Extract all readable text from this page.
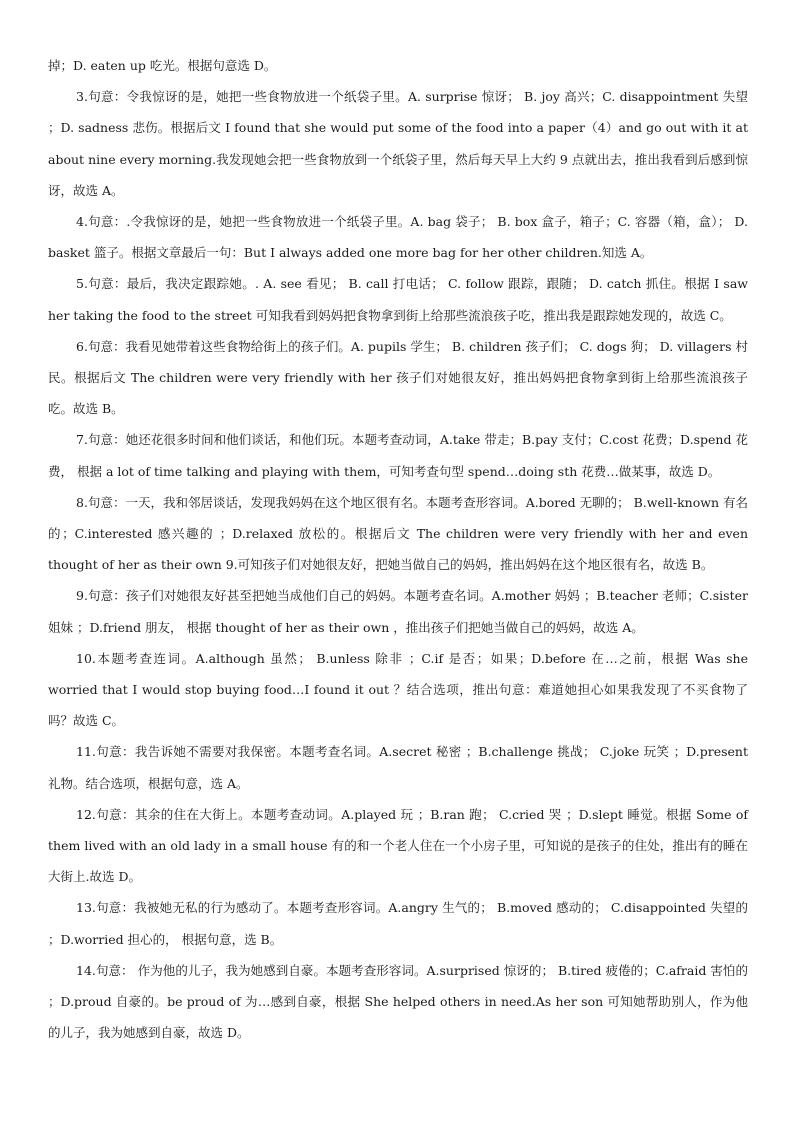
掉；D. eaten up 吃光。根据句意选 D。

3.句意：令我惊讶的是，她把一些食物放进一个纸袋子里。A. surprise 惊讶； B. joy 高兴；C. disappointment 失望 ；D. sadness 悲伤。根据后文 I found that she would put some of the food into a paper（4）and go out with it at about nine every morning.我发现她会把一些食物放到一个纸袋子里，然后每天早上大约 9 点就出去，推出我看到后感到惊讶，故选 A。

4.句意：.令我惊讶的是，她把一些食物放进一个纸袋子里。A. bag 袋子； B. box 盒子，箱子；C. 容器（箱，盒）； D. basket 篮子。根据文章最后一句：But I always added one more bag for her other children.知选 A。

5.句意：最后，我决定跟踪她。. A. see 看见； B. call 打电话； C. follow 跟踪，跟随； D. catch 抓住。根据 I saw her taking the food to the street 可知我看到妈妈把食物拿到街上给那些流浪孩子吃，推出我是跟踪她发现的，故选 C。

6.句意：我看见她带着这些食物给街上的孩子们。A. pupils 学生； B. children 孩子们； C. dogs 狗； D. villagers 村民。根据后文 The children were very friendly with her 孩子们对她很友好，推出妈妈把食物拿到街上给那些流浪孩子吃。故选 B。

7.句意：她还花很多时间和他们谈话，和他们玩。本题考查动词，A.take 带走；B.pay 支付；C.cost 花费；D.spend 花费， 根据 a lot of time talking and playing with them，可知考查句型 spend…doing sth 花费…做某事，故选 D。

8.句意：一天，我和邻居谈话，发现我妈妈在这个地区很有名。本题考查形容词。A.bored 无聊的； B.well-known 有名的；C.interested 感兴趣的 ；D.relaxed 放松的。根据后文 The children were very friendly with her and even thought of her as their own 9.可知孩子们对她很友好，把她当做自己的妈妈，推出妈妈在这个地区很有名，故选 B。

9.句意：孩子们对她很友好甚至把她当成他们自己的妈妈。本题考查名词。A.mother 妈妈 ；B.teacher 老师；C.sister 姐妹 ；D.friend 朋友， 根据 thought of her as their own ，推出孩子们把她当做自己的妈妈，故选 A。

10.本题考查连词。A.although 虽然； B.unless 除非 ；C.if 是否；如果；D.before 在…之前，根据 Was she worried that I would stop buying food…I found it out ？结合选项，推出句意：难道她担心如果我发现了不买食物了吗？故选 C。

11.句意：我告诉她不需要对我保密。本题考查名词。A.secret 秘密 ；B.challenge 挑战； C.joke 玩笑 ；D.present 礼物。结合选项，根据句意，选 A。

12.句意：其余的住在大街上。本题考查动词。A.played 玩 ；B.ran 跑； C.cried 哭 ；D.slept 睡觉。根据 Some of them lived with an old lady in a small house 有的和一个老人住在一个小房子里，可知说的是孩子的住处，推出有的睡在大街上.故选 D。

13.句意：我被她无私的行为感动了。本题考查形容词。A.angry 生气的； B.moved 感动的； C.disappointed 失望的 ；D.worried 担心的， 根据句意，选 B。

14.句意： 作为他的儿子，我为她感到自豪。本题考查形容词。A.surprised 惊讶的； B.tired 疲倦的；C.afraid 害怕的 ；D.proud 自豪的。be proud of 为…感到自豪，根据 She helped others in need.As her son 可知她帮助别人，作为他的儿子，我为她感到自豪，故选 D。
